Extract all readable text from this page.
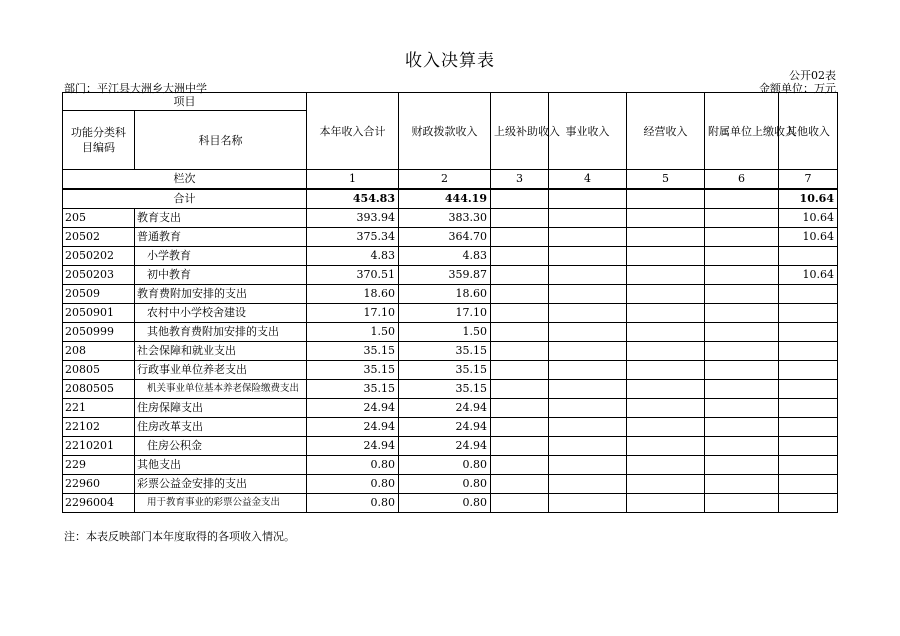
收入决算表
公开02表
部门：平江县大洲乡大洲中学	金额单位：万元
项目		本年收入合计	财政拨款收入	上级补助收入	事业收入	经营收入	附属单位上缴收入	其他收入
功能分类科目编码	科目名称							
栏次		1	2	3	4	5	6	7
合计		454.83	444.19					10.64
205	教育支出	393.94	383.30					10.64
20502	普通教育	375.34	364.70					10.64
2050202	小学教育	4.83	4.83					
2050203	初中教育	370.51	359.87					10.64
20509	教育费附加安排的支出	18.60	18.60					
2050901	农村中小学校舍建设	17.10	17.10					
2050999	其他教育费附加安排的支出	1.50	1.50					
208	社会保障和就业支出	35.15	35.15					
20805	行政事业单位养老支出	35.15	35.15					
2080505	机关事业单位基本养老保险缴费支出	35.15	35.15					
221	住房保障支出	24.94	24.94					
22102	住房改革支出	24.94	24.94					
2210201	住房公积金	24.94	24.94					
229	其他支出	0.80	0.80					
22960	彩票公益金安排的支出	0.80	0.80					
2296004	用于教育事业的彩票公益金支出	0.80	0.80					
注：本表反映部门本年度取得的各项收入情况。
